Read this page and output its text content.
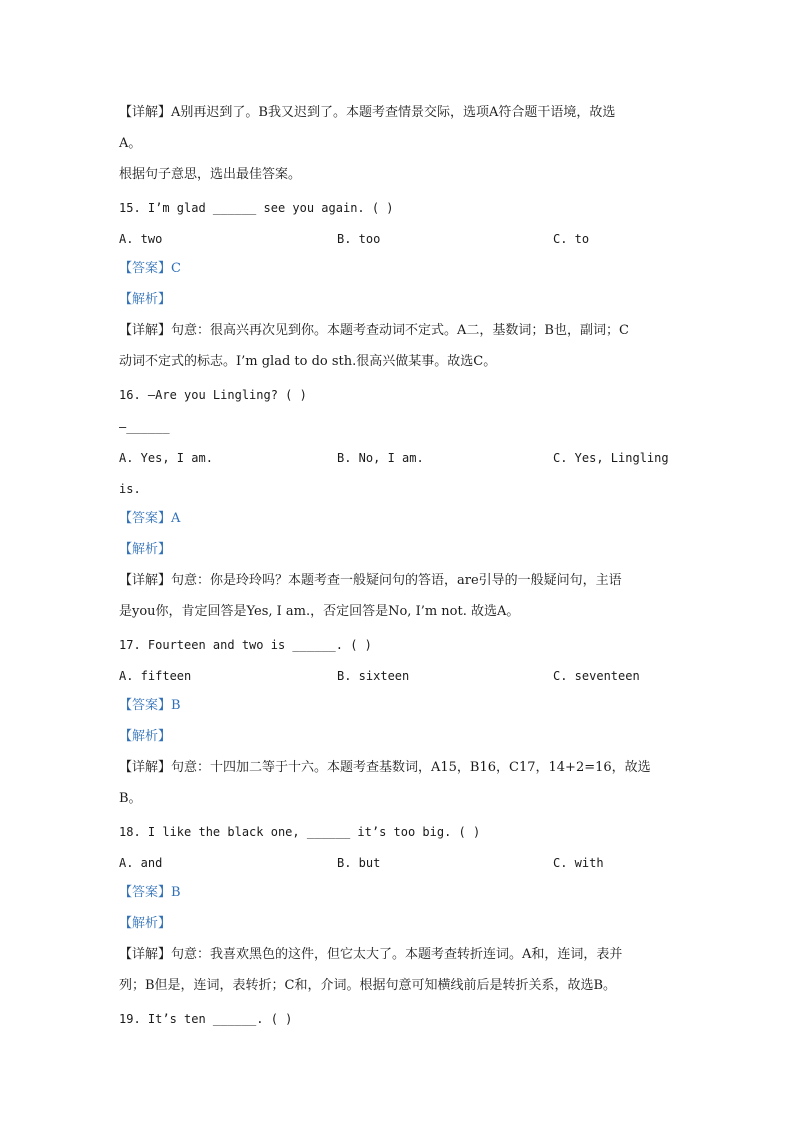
【详解】A别再迟到了。B我又迟到了。本题考查情景交际，选项A符合题干语境，故选
A。
根据句子意思，选出最佳答案。
15. I’m glad ______ see you again. ( )
A. two	B. too	C. to
【答案】C
【解析】
【详解】句意：很高兴再次见到你。本题考查动词不定式。A二，基数词；B也，副词；C
动词不定式的标志。I’m glad to do sth.很高兴做某事。故选C。
16. —Are you Lingling? ( )
—______
A. Yes, I am.	B. No, I am.	C. Yes, Lingling
is.
【答案】A
【解析】
【详解】句意：你是玲玲吗？本题考查一般疑问句的答语，are引导的一般疑问句，主语
是you你，肯定回答是Yes, I am.，否定回答是No, I’m not. 故选A。
17. Fourteen and two is ______. ( )
A. fifteen	B. sixteen	C. seventeen
【答案】B
【解析】
【详解】句意：十四加二等于十六。本题考查基数词，A15，B16，C17，14+2=16，故选
B。
18. I like the black one, ______ it’s too big. ( )
A. and	B. but	C. with
【答案】B
【解析】
【详解】句意：我喜欢黑色的这件，但它太大了。本题考查转折连词。A和，连词，表并
列；B但是，连词，表转折；C和，介词。根据句意可知横线前后是转折关系，故选B。
19. It’s ten ______. ( )
